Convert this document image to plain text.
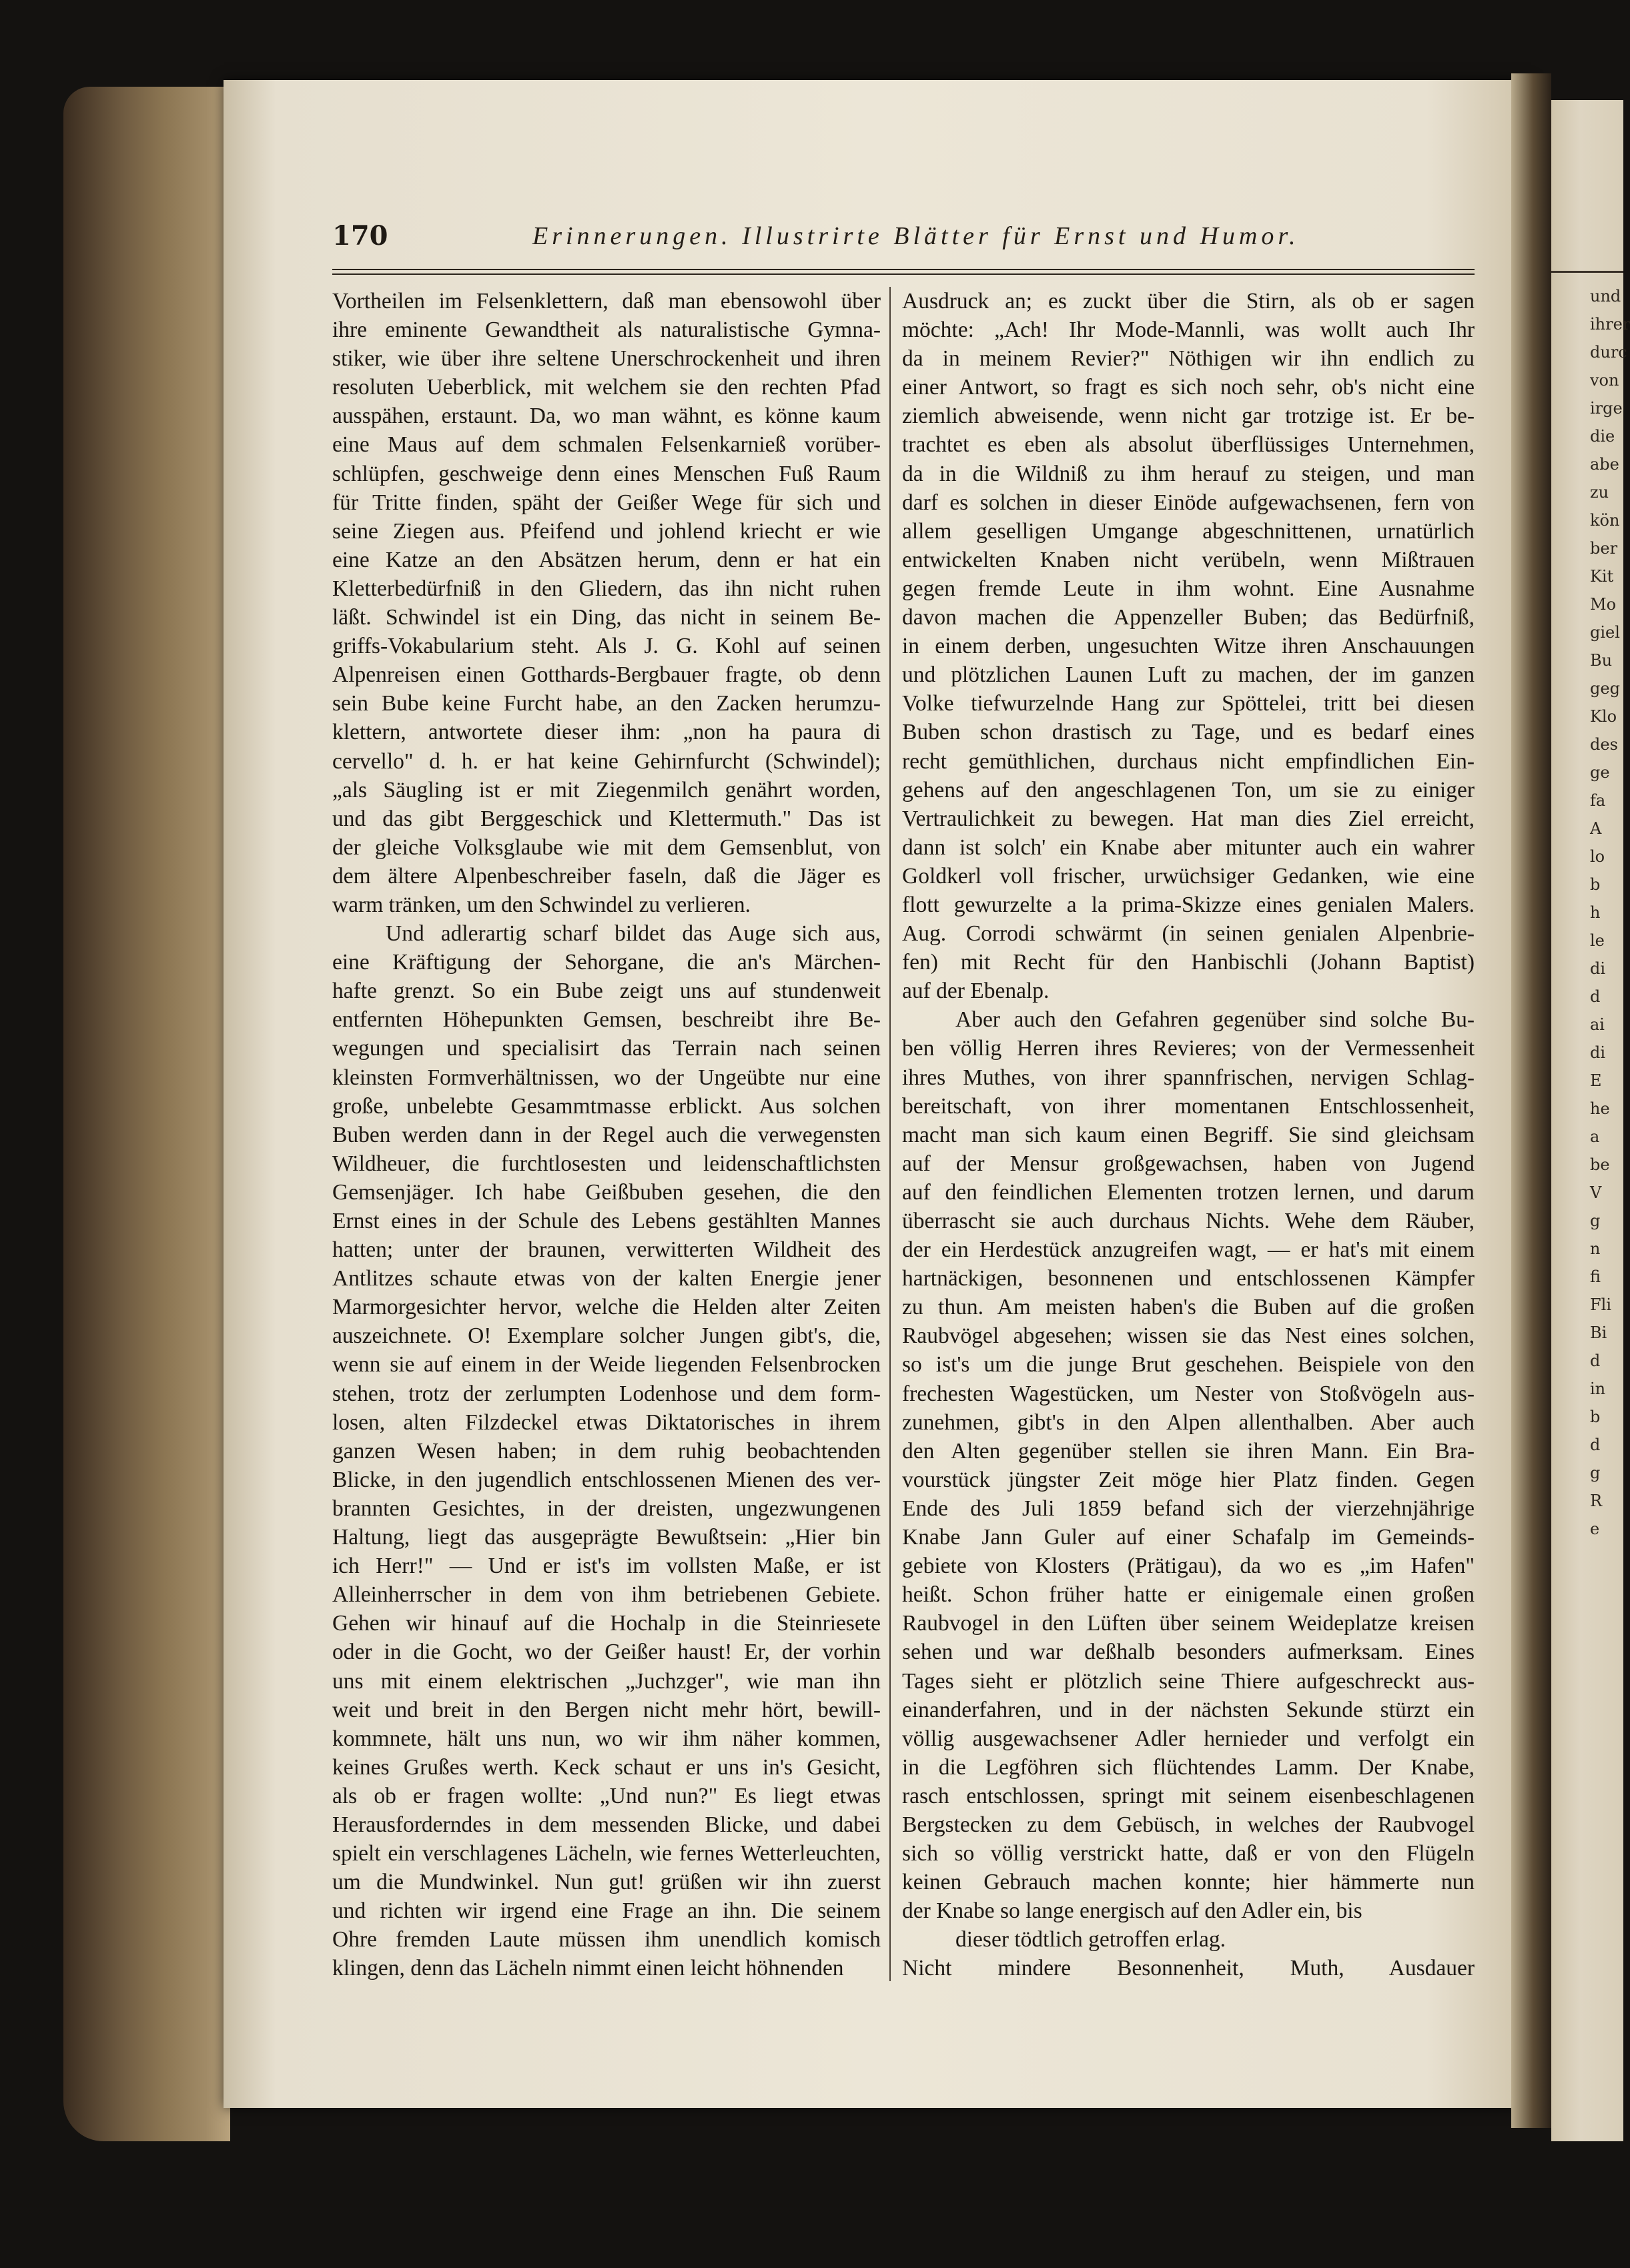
und
ihrer
durc
von
irge
die
abe
zu
kön
ber
Kit
Mo
giel
Bu
geg
Klo
des
ge
fa
A
lo
b
h
le
di
d
ai
di
E
he
a
be
V
g
n
fi
Fli
Bi
d
in
b
d
g
R
e
170	Erinnerungen. Illustrirte Blätter für Ernst und Humor.
Vortheilen im Felsenklettern, daß man ebensowohl über
ihre eminente Gewandtheit als naturalistische Gymna-
stiker, wie über ihre seltene Unerschrockenheit und ihren
resoluten Ueberblick, mit welchem sie den rechten Pfad
ausspähen, erstaunt. Da, wo man wähnt, es könne kaum
eine Maus auf dem schmalen Felsenkarnieß vorüber-
schlüpfen, geschweige denn eines Menschen Fuß Raum
für Tritte finden, späht der Geißer Wege für sich und
seine Ziegen aus. Pfeifend und johlend kriecht er wie
eine Katze an den Absätzen herum, denn er hat ein
Kletterbedürfniß in den Gliedern, das ihn nicht ruhen
läßt. Schwindel ist ein Ding, das nicht in seinem Be-
griffs-Vokabularium steht. Als J. G. Kohl auf seinen
Alpenreisen einen Gotthards-Bergbauer fragte, ob denn
sein Bube keine Furcht habe, an den Zacken herumzu-
klettern, antwortete dieser ihm: „non ha paura di
cervello" d. h. er hat keine Gehirnfurcht (Schwindel);
„als Säugling ist er mit Ziegenmilch genährt worden,
und das gibt Berggeschick und Klettermuth." Das ist
der gleiche Volksglaube wie mit dem Gemsenblut, von
dem ältere Alpenbeschreiber faseln, daß die Jäger es
warm tränken, um den Schwindel zu verlieren.
Und adlerartig scharf bildet das Auge sich aus,
eine Kräftigung der Sehorgane, die an's Märchen-
hafte grenzt. So ein Bube zeigt uns auf stundenweit
entfernten Höhepunkten Gemsen, beschreibt ihre Be-
wegungen und specialisirt das Terrain nach seinen
kleinsten Formverhältnissen, wo der Ungeübte nur eine
große, unbelebte Gesammtmasse erblickt. Aus solchen
Buben werden dann in der Regel auch die verwegensten
Wildheuer, die furchtlosesten und leidenschaftlichsten
Gemsenjäger. Ich habe Geißbuben gesehen, die den
Ernst eines in der Schule des Lebens gestählten Mannes
hatten; unter der braunen, verwitterten Wildheit des
Antlitzes schaute etwas von der kalten Energie jener
Marmorgesichter hervor, welche die Helden alter Zeiten
auszeichnete. O! Exemplare solcher Jungen gibt's, die,
wenn sie auf einem in der Weide liegenden Felsenbrocken
stehen, trotz der zerlumpten Lodenhose und dem form-
losen, alten Filzdeckel etwas Diktatorisches in ihrem
ganzen Wesen haben; in dem ruhig beobachtenden
Blicke, in den jugendlich entschlossenen Mienen des ver-
brannten Gesichtes, in der dreisten, ungezwungenen
Haltung, liegt das ausgeprägte Bewußtsein: „Hier bin
ich Herr!" — Und er ist's im vollsten Maße, er ist
Alleinherrscher in dem von ihm betriebenen Gebiete.
Gehen wir hinauf auf die Hochalp in die Steinriesete
oder in die Gocht, wo der Geißer haust! Er, der vorhin
uns mit einem elektrischen „Juchzger", wie man ihn
weit und breit in den Bergen nicht mehr hört, bewill-
kommnete, hält uns nun, wo wir ihm näher kommen,
keines Grußes werth. Keck schaut er uns in's Gesicht,
als ob er fragen wollte: „Und nun?" Es liegt etwas
Herausforderndes in dem messenden Blicke, und dabei
spielt ein verschlagenes Lächeln, wie fernes Wetterleuchten,
um die Mundwinkel. Nun gut! grüßen wir ihn zuerst
und richten wir irgend eine Frage an ihn. Die seinem
Ohre fremden Laute müssen ihm unendlich komisch
klingen, denn das Lächeln nimmt einen leicht höhnenden
Ausdruck an; es zuckt über die Stirn, als ob er sagen
möchte: „Ach! Ihr Mode-Mannli, was wollt auch Ihr
da in meinem Revier?" Nöthigen wir ihn endlich zu
einer Antwort, so fragt es sich noch sehr, ob's nicht eine
ziemlich abweisende, wenn nicht gar trotzige ist. Er be-
trachtet es eben als absolut überflüssiges Unternehmen,
da in die Wildniß zu ihm herauf zu steigen, und man
darf es solchen in dieser Einöde aufgewachsenen, fern von
allem geselligen Umgange abgeschnittenen, urnatürlich
entwickelten Knaben nicht verübeln, wenn Mißtrauen
gegen fremde Leute in ihm wohnt. Eine Ausnahme
davon machen die Appenzeller Buben; das Bedürfniß,
in einem derben, ungesuchten Witze ihren Anschauungen
und plötzlichen Launen Luft zu machen, der im ganzen
Volke tiefwurzelnde Hang zur Spöttelei, tritt bei diesen
Buben schon drastisch zu Tage, und es bedarf eines
recht gemüthlichen, durchaus nicht empfindlichen Ein-
gehens auf den angeschlagenen Ton, um sie zu einiger
Vertraulichkeit zu bewegen. Hat man dies Ziel erreicht,
dann ist solch' ein Knabe aber mitunter auch ein wahrer
Goldkerl voll frischer, urwüchsiger Gedanken, wie eine
flott gewurzelte a la prima-Skizze eines genialen Malers.
Aug. Corrodi schwärmt (in seinen genialen Alpenbrie-
fen) mit Recht für den Hanbischli (Johann Baptist)
auf der Ebenalp.
Aber auch den Gefahren gegenüber sind solche Bu-
ben völlig Herren ihres Revieres; von der Vermessenheit
ihres Muthes, von ihrer spannfrischen, nervigen Schlag-
bereitschaft, von ihrer momentanen Entschlossenheit,
macht man sich kaum einen Begriff. Sie sind gleichsam
auf der Mensur großgewachsen, haben von Jugend
auf den feindlichen Elementen trotzen lernen, und darum
überrascht sie auch durchaus Nichts. Wehe dem Räuber,
der ein Herdestück anzugreifen wagt, — er hat's mit einem
hartnäckigen, besonnenen und entschlossenen Kämpfer
zu thun. Am meisten haben's die Buben auf die großen
Raubvögel abgesehen; wissen sie das Nest eines solchen,
so ist's um die junge Brut geschehen. Beispiele von den
frechesten Wagestücken, um Nester von Stoßvögeln aus-
zunehmen, gibt's in den Alpen allenthalben. Aber auch
den Alten gegenüber stellen sie ihren Mann. Ein Bra-
vourstück jüngster Zeit möge hier Platz finden. Gegen
Ende des Juli 1859 befand sich der vierzehnjährige
Knabe Jann Guler auf einer Schafalp im Gemeinds-
gebiete von Klosters (Prätigau), da wo es „im Hafen"
heißt. Schon früher hatte er einigemale einen großen
Raubvogel in den Lüften über seinem Weideplatze kreisen
sehen und war deßhalb besonders aufmerksam. Eines
Tages sieht er plötzlich seine Thiere aufgeschreckt aus-
einanderfahren, und in der nächsten Sekunde stürzt ein
völlig ausgewachsener Adler hernieder und verfolgt ein
in die Legföhren sich flüchtendes Lamm. Der Knabe,
rasch entschlossen, springt mit seinem eisenbeschlagenen
Bergstecken zu dem Gebüsch, in welches der Raubvogel
sich so völlig verstrickt hatte, daß er von den Flügeln
keinen Gebrauch machen konnte; hier hämmerte nun
der Knabe so lange energisch auf den Adler ein, bis
dieser tödtlich getroffen erlag.
Nicht mindere Besonnenheit, Muth, Ausdauer
